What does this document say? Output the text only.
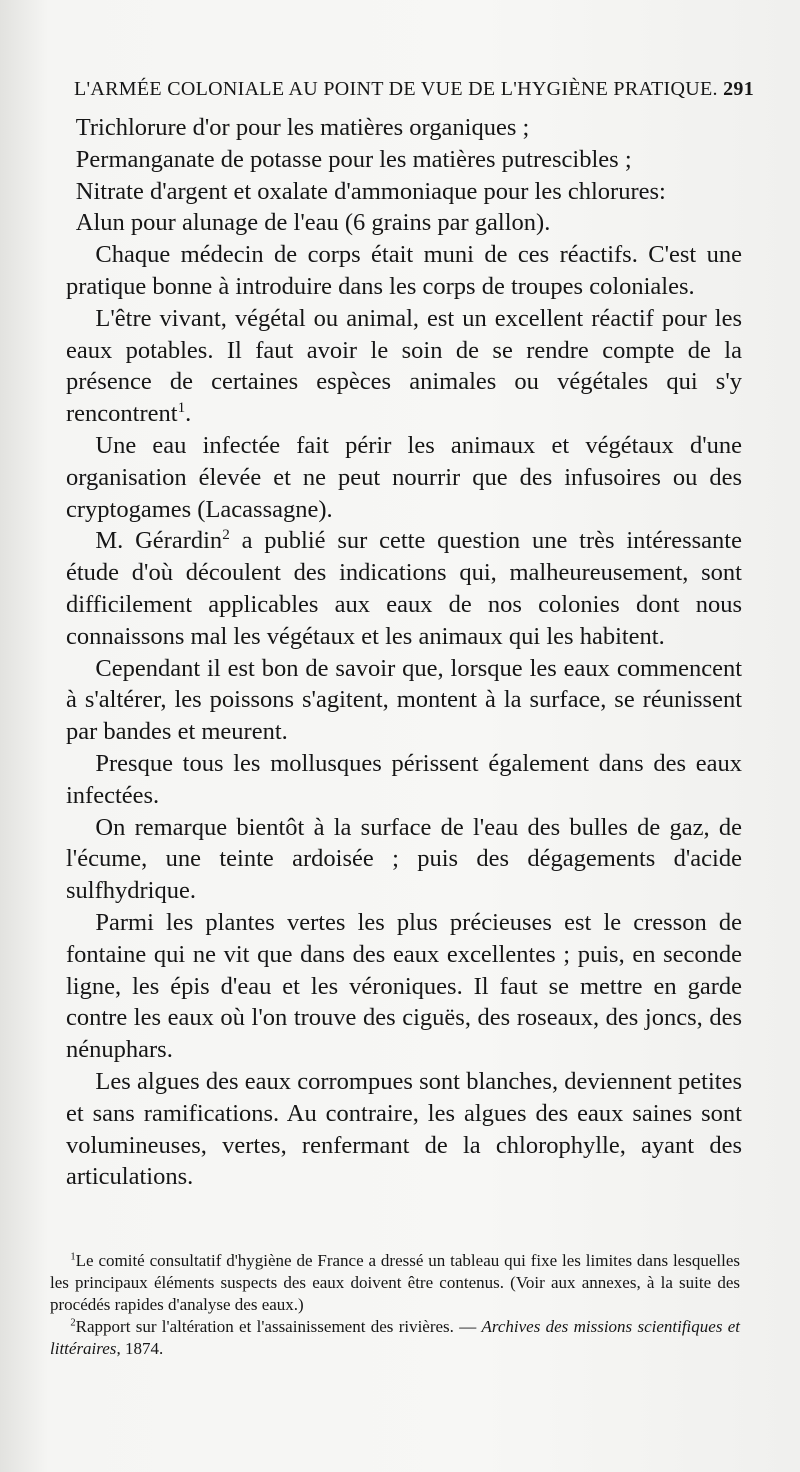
L'ARMÉE COLONIALE AU POINT DE VUE DE L'HYGIÈNE PRATIQUE. 291

Trichlorure d'or pour les matières organiques ;

Permanganate de potasse pour les matières putrescibles ;

Nitrate d'argent et oxalate d'ammoniaque pour les chlorures:

Alun pour alunage de l'eau (6 grains par gallon).

Chaque médecin de corps était muni de ces réactifs. C'est une pratique bonne à introduire dans les corps de troupes coloniales.

L'être vivant, végétal ou animal, est un excellent réactif pour les eaux potables. Il faut avoir le soin de se rendre compte de la présence de certaines espèces animales ou végétales qui s'y rencontrent$^1$.

Une eau infectée fait périr les animaux et végétaux d'une organisation élevée et ne peut nourrir que des infusoires ou des cryptogames (Lacassagne).

M. Gérardin$^2$ a publié sur cette question une très intéressante étude d'où découlent des indications qui, malheureusement, sont difficilement applicables aux eaux de nos colonies dont nous connaissons mal les végétaux et les animaux qui les habitent.

Cependant il est bon de savoir que, lorsque les eaux commencent à s'altérer, les poissons s'agitent, montent à la surface, se réunissent par bandes et meurent.

Presque tous les mollusques périssent également dans des eaux infectées.

On remarque bientôt à la surface de l'eau des bulles de gaz, de l'écume, une teinte ardoisée ; puis des dégagements d'acide sulfhydrique.

Parmi les plantes vertes les plus précieuses est le cresson de fontaine qui ne vit que dans des eaux excellentes ; puis, en seconde ligne, les épis d'eau et les véroniques. Il faut se mettre en garde contre les eaux où l'on trouve des ciguës, des roseaux, des joncs, des nénuphars.

Les algues des eaux corrompues sont blanches, deviennent petites et sans ramifications. Au contraire, les algues des eaux saines sont volumineuses, vertes, renfermant de la chlorophylle, ayant des articulations.

$^1$Le comité consultatif d'hygiène de France a dressé un tableau qui fixe les limites dans lesquelles les principaux éléments suspects des eaux doivent être contenus. (Voir aux annexes, à la suite des procédés rapides d'analyse des eaux.)

$^2$Rapport sur l'altération et l'assainissement des rivières. — Archives des missions scientifiques et littéraires, 1874.
